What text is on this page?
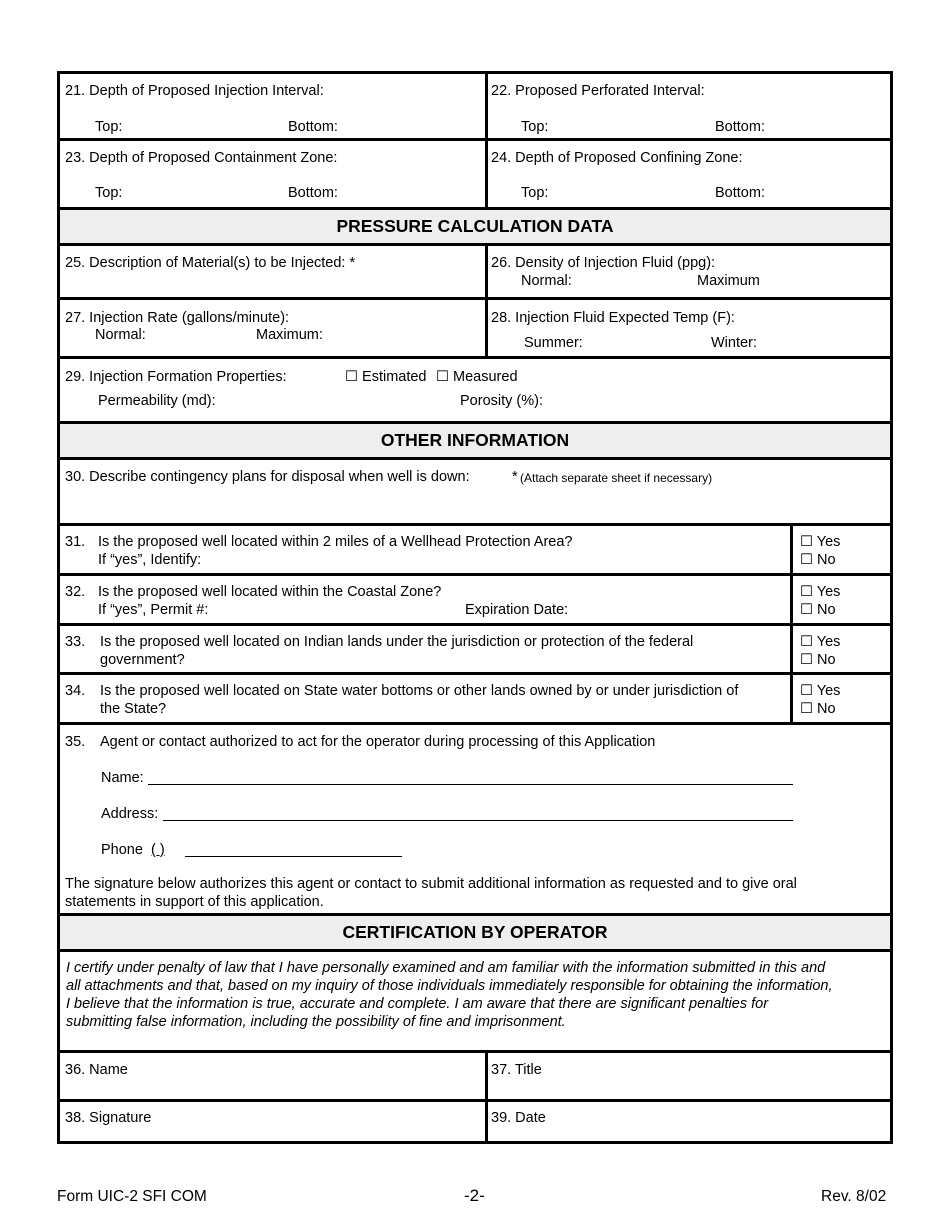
21. Depth of Proposed Injection Interval:
Top:	Bottom:
22. Proposed Perforated Interval:
Top:	Bottom:
23. Depth of Proposed Containment Zone:
Top:	Bottom:
24. Depth of Proposed Confining Zone:
Top:	Bottom:
PRESSURE CALCULATION DATA
25. Description of Material(s) to be Injected: *	26. Density of Injection Fluid (ppg):
Normal:	Maximum
27. Injection Rate (gallons/minute):
Normal:	Maximum:
28. Injection Fluid Expected Temp (F):
Summer:	Winter:
29. Injection Formation Properties:	☐ Estimated ☐ Measured
Permeability (md):	Porosity (%):
OTHER INFORMATION
30. Describe contingency plans for disposal when well is down:	* (Attach separate sheet if necessary)
31. Is the proposed well located within 2 miles of a Wellhead Protection Area?
If “yes”, Identify:
☐ Yes
☐ No
32. Is the proposed well located within the Coastal Zone?
If “yes”, Permit #:	Expiration Date:
☐ Yes
☐ No
33. Is the proposed well located on Indian lands under the jurisdiction or protection of the federal
government?
☐ Yes
☐ No
34. Is the proposed well located on State water bottoms or other lands owned by or under jurisdiction of
the State?
☐ Yes
☐ No
35. Agent or contact authorized to act for the operator during processing of this Application
Name:
Address:
Phone ( )
The signature below authorizes this agent or contact to submit additional information as requested and to give oral
statements in support of this application.
CERTIFICATION BY OPERATOR
I certify under penalty of law that I have personally examined and am familiar with the information submitted in this and
all attachments and that, based on my inquiry of those individuals immediately responsible for obtaining the information,
I believe that the information is true, accurate and complete. I am aware that there are significant penalties for
submitting false information, including the possibility of fine and imprisonment.
36. Name	37. Title
38. Signature	39. Date
Form UIC-2 SFI COM	-2-	Rev. 8/02
